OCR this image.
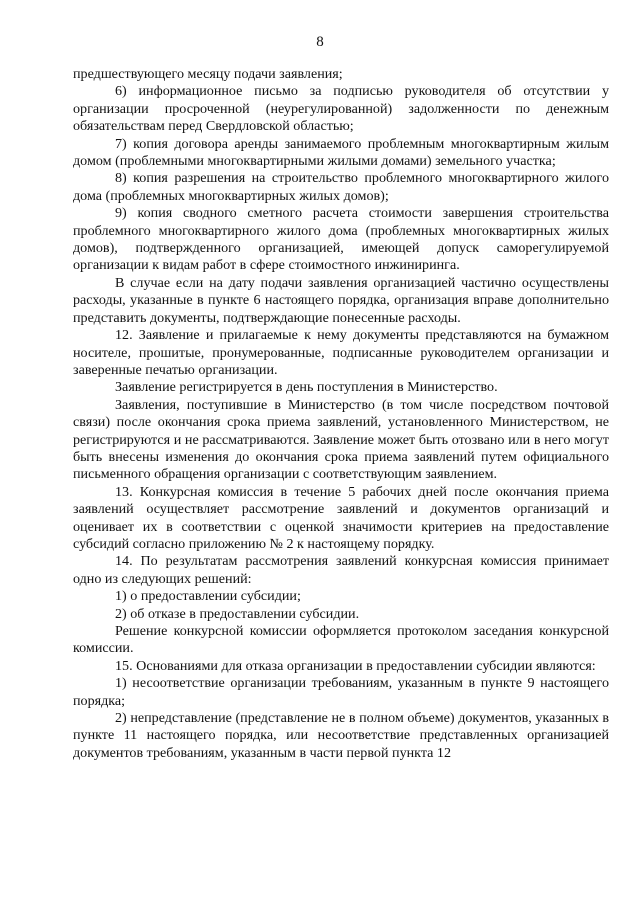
8

предшествующего месяцу подачи заявления;

6) информационное письмо за подписью руководителя об отсутствии у организации просроченной (неурегулированной) задолженности по денежным обязательствам перед Свердловской областью;

7) копия договора аренды занимаемого проблемным многоквартирным жилым домом (проблемными многоквартирными жилыми домами) земельного участка;

8) копия разрешения на строительство проблемного многоквартирного жилого дома (проблемных многоквартирных жилых домов);

9) копия сводного сметного расчета стоимости завершения строительства проблемного многоквартирного жилого дома (проблемных многоквартирных жилых домов), подтвержденного организацией, имеющей допуск саморегулируемой организации к видам работ в сфере стоимостного инжиниринга.

В случае если на дату подачи заявления организацией частично осуществлены расходы, указанные в пункте 6 настоящего порядка, организация вправе дополнительно представить документы, подтверждающие понесенные расходы.

12. Заявление и прилагаемые к нему документы представляются на бумажном носителе, прошитые, пронумерованные, подписанные руководителем организации и заверенные печатью организации.

Заявление регистрируется в день поступления в Министерство.

Заявления, поступившие в Министерство (в том числе посредством почтовой связи) после окончания срока приема заявлений, установленного Министерством, не регистрируются и не рассматриваются. Заявление может быть отозвано или в него могут быть внесены изменения до окончания срока приема заявлений путем официального письменного обращения организации с соответствующим заявлением.

13. Конкурсная комиссия в течение 5 рабочих дней после окончания приема заявлений осуществляет рассмотрение заявлений и документов организаций и оценивает их в соответствии с оценкой значимости критериев на предоставление субсидий согласно приложению № 2 к настоящему порядку.

14. По результатам рассмотрения заявлений конкурсная комиссия принимает одно из следующих решений:

1) о предоставлении субсидии;

2) об отказе в предоставлении субсидии.

Решение конкурсной комиссии оформляется протоколом заседания конкурсной комиссии.

15. Основаниями для отказа организации в предоставлении субсидии являются:

1) несоответствие организации требованиям, указанным в пункте 9 настоящего порядка;

2) непредставление (представление не в полном объеме) документов, указанных в пункте 11 настоящего порядка, или несоответствие представленных организацией документов требованиям, указанным в части первой пункта 12
